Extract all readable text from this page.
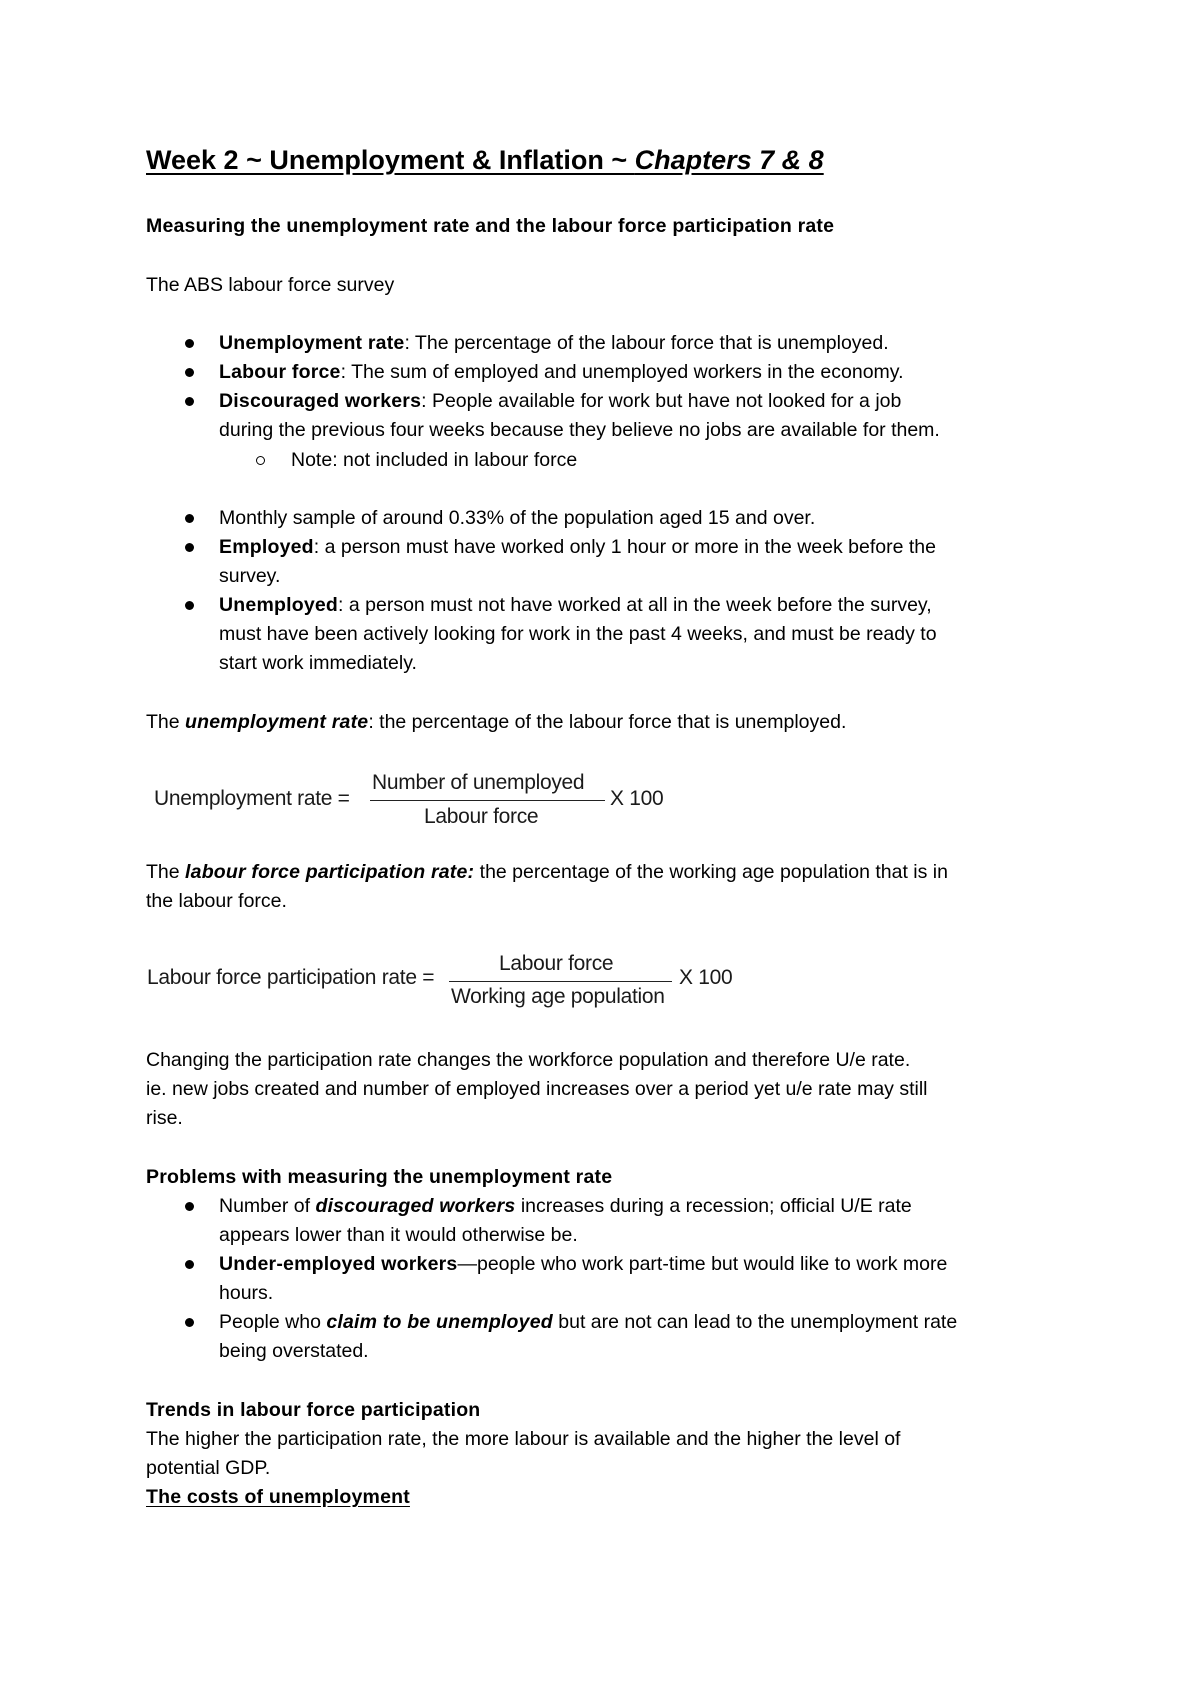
Week 2 ~ Unemployment & Inflation ~ Chapters 7 & 8
Measuring the unemployment rate and the labour force participation rate
The ABS labour force survey
Unemployment rate: The percentage of the labour force that is unemployed.
Labour force: The sum of employed and unemployed workers in the economy.
Discouraged workers: People available for work but have not looked for a job
during the previous four weeks because they believe no jobs are available for them.
Note: not included in labour force
Monthly sample of around 0.33% of the population aged 15 and over.
Employed: a person must have worked only 1 hour or more in the week before the
survey.
Unemployed: a person must not have worked at all in the week before the survey,
must have been actively looking for work in the past 4 weeks, and must be ready to
start work immediately.
The unemployment rate: the percentage of the labour force that is unemployed.
Unemployment rate =
Number of unemployed
Labour force
X 100
The labour force participation rate: the percentage of the working age population that is in
the labour force.
Labour force participation rate =
Labour force
Working age population
X 100
Changing the participation rate changes the workforce population and therefore U/e rate.
ie. new jobs created and number of employed increases over a period yet u/e rate may still
rise.
Problems with measuring the unemployment rate
Number of discouraged workers increases during a recession; official U/E rate
appears lower than it would otherwise be.
Under-employed workers—people who work part-time but would like to work more
hours.
People who claim to be unemployed but are not can lead to the unemployment rate
being overstated.
Trends in labour force participation
The higher the participation rate, the more labour is available and the higher the level of
potential GDP.
The costs of unemployment
